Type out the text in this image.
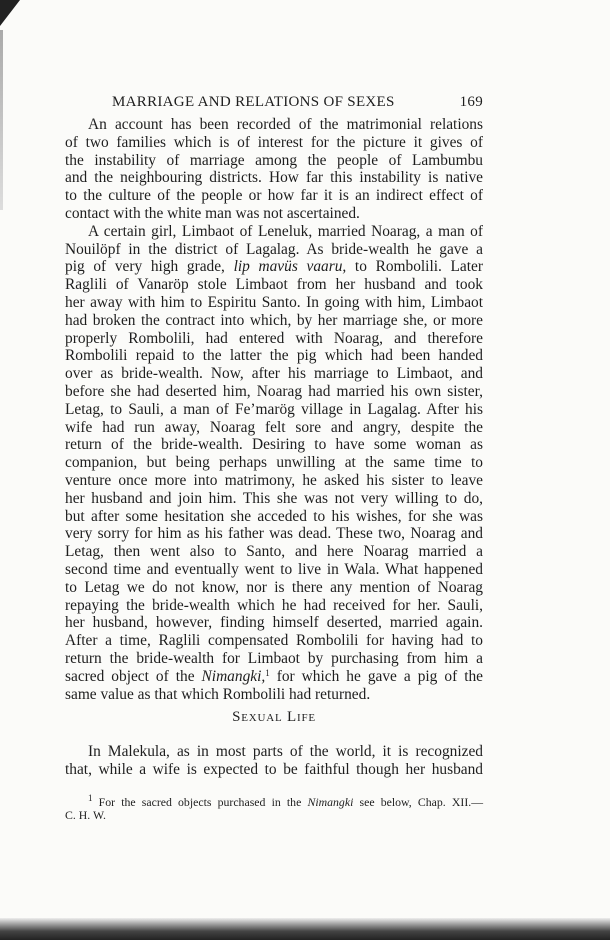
MARRIAGE AND RELATIONS OF SEXES	169
An account has been recorded of the matrimonial relations
of two families which is of interest for the picture it gives of
the instability of marriage among the people of Lambumbu
and the neighbouring districts. How far this instability is native
to the culture of the people or how far it is an indirect effect of
contact with the white man was not ascertained.
A certain girl, Limbaot of Leneluk, married Noarag, a man of
Nouilöpf in the district of Lagalag. As bride-wealth he gave a
pig of very high grade, lip mavüs vaaru, to Rombolili. Later
Raglili of Vanaröp stole Limbaot from her husband and took
her away with him to Espiritu Santo. In going with him, Limbaot
had broken the contract into which, by her marriage she, or more
properly Rombolili, had entered with Noarag, and therefore
Rombolili repaid to the latter the pig which had been handed
over as bride-wealth. Now, after his marriage to Limbaot, and
before she had deserted him, Noarag had married his own sister,
Letag, to Sauli, a man of Fe’marög village in Lagalag. After his
wife had run away, Noarag felt sore and angry, despite the
return of the bride-wealth. Desiring to have some woman as
companion, but being perhaps unwilling at the same time to
venture once more into matrimony, he asked his sister to leave
her husband and join him. This she was not very willing to do,
but after some hesitation she acceded to his wishes, for she was
very sorry for him as his father was dead. These two, Noarag and
Letag, then went also to Santo, and here Noarag married a
second time and eventually went to live in Wala. What happened
to Letag we do not know, nor is there any mention of Noarag
repaying the bride-wealth which he had received for her. Sauli,
her husband, however, finding himself deserted, married again.
After a time, Raglili compensated Rombolili for having had to
return the bride-wealth for Limbaot by purchasing from him a
sacred object of the Nimangki,$^1$ for which he gave a pig of the
same value as that which Rombolili had returned.
Sexual Life
In Malekula, as in most parts of the world, it is recognized
that, while a wife is expected to be faithful though her husband
$^1$ For the sacred objects purchased in the Nimangki see below, Chap. XII.—
C. H. W.
